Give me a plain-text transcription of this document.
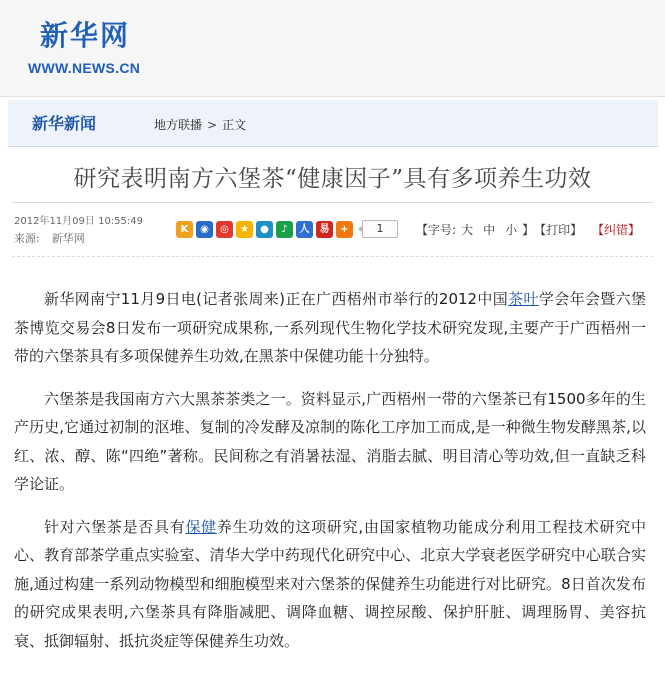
新华网
WWW.NEWS.CN
新华新闻	地方联播 > 正文
研究表明南方六堡茶“健康因子”具有多项养生功效
2012年11月09日 10:55:49
来源: 新华网
K	◉	◎	★	●	♪	人	易	+	1	【 字号: 大 中 小 】 【 打印 】 【纠错】

新华网南宁11月9日电(记者张周来)正在广西梧州市举行的2012中国茶叶学会年会暨六堡茶博览交易会8日发布一项研究成果称,一系列现代生物化学技术研究发现,主要产于广西梧州一带的六堡茶具有多项保健养生功效,在黑茶中保健功能十分独特。

六堡茶是我国南方六大黑茶茶类之一。资料显示,广西梧州一带的六堡茶已有1500多年的生产历史,它通过初制的沤堆、复制的冷发酵及凉制的陈化工序加工而成,是一种微生物发酵黑茶,以红、浓、醇、陈“四绝”著称。民间称之有消暑祛湿、消脂去腻、明目清心等功效,但一直缺乏科学论证。

针对六堡茶是否具有保健养生功效的这项研究,由国家植物功能成分利用工程技术研究中心、教育部茶学重点实验室、清华大学中药现代化研究中心、北京大学衰老医学研究中心联合实施,通过构建一系列动物模型和细胞模型来对六堡茶的保健养生功能进行对比研究。8日首次发布的研究成果表明,六堡茶具有降脂减肥、调降血糖、调控尿酸、保护肝脏、调理肠胃、美容抗衰、抵御辐射、抵抗炎症等保健养生功效。
